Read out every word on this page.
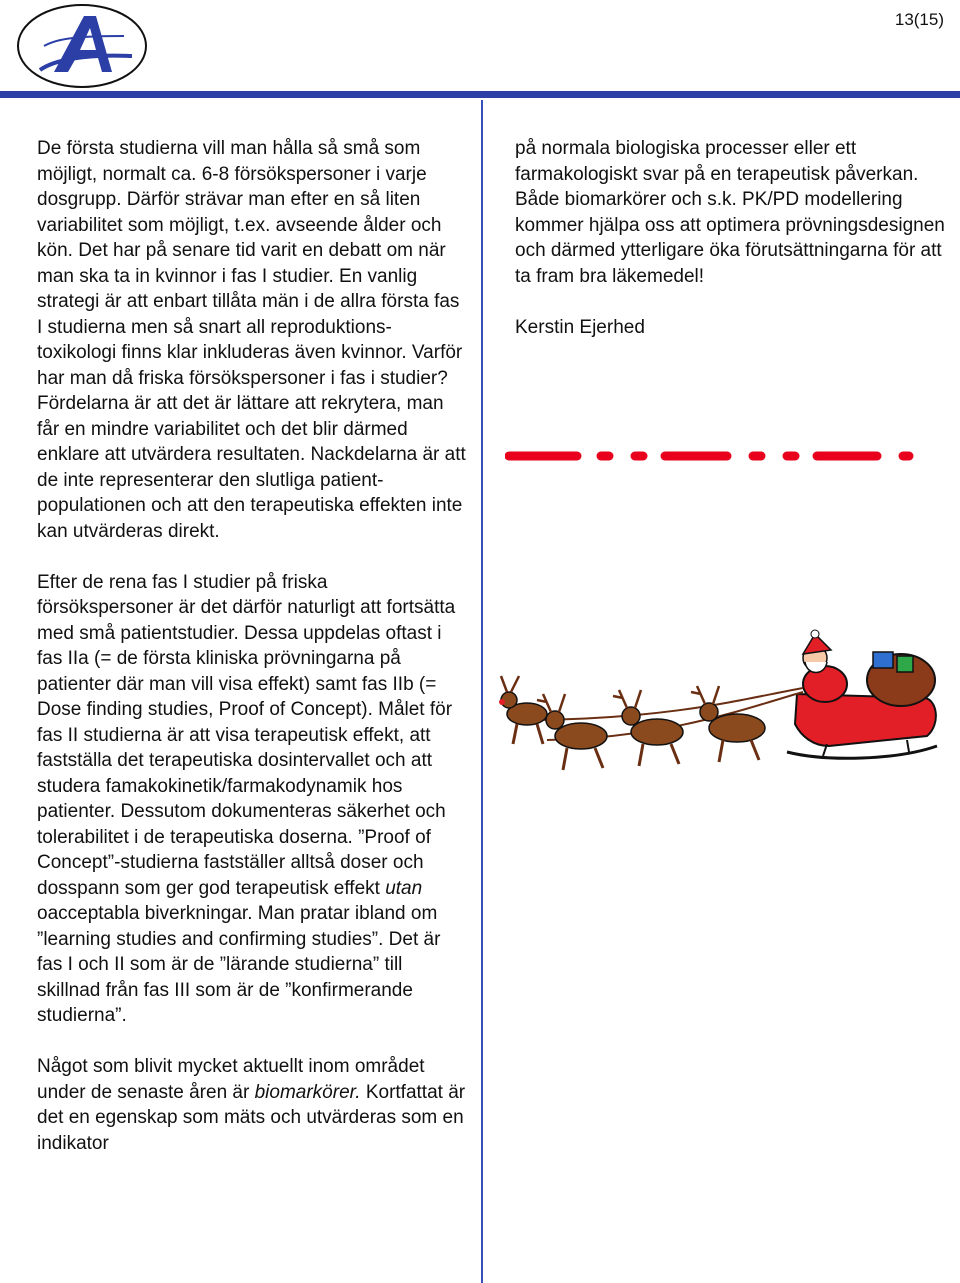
13(15)

De första studierna vill man hålla så små som möjligt, normalt ca. 6-8 försökspersoner i varje dosgrupp. Därför strävar man efter en så liten variabilitet som möjligt, t.ex. avseende ålder och kön. Det har på senare tid varit en debatt om när man ska ta in kvinnor i fas I studier. En vanlig strategi är att enbart tillåta män i de allra första fas I studierna men så snart all reproduktions-toxikologi finns klar inkluderas även kvinnor. Varför har man då friska försökspersoner i fas i studier? Fördelarna är att det är lättare att rekrytera, man får en mindre variabilitet och det blir därmed enklare att utvärdera resultaten. Nackdelarna är att de inte representerar den slutliga patient-populationen och att den terapeutiska effekten inte kan utvärderas direkt.

Efter de rena fas I studier på friska försökspersoner är det därför naturligt att fortsätta med små patientstudier. Dessa uppdelas oftast i fas IIa (= de första kliniska prövningarna på patienter där man vill visa effekt) samt fas IIb (= Dose finding studies, Proof of Concept). Målet för fas II studierna är att visa terapeutisk effekt, att fastställa det terapeutiska dosintervallet och att studera famakokinetik/farmakodynamik hos patienter. Dessutom dokumenteras säkerhet och tolerabilitet i de terapeutiska doserna. ”Proof of Concept”-studierna fastställer alltså doser och dosspann som ger god terapeutisk effekt utan oacceptabla biverkningar. Man pratar ibland om ”learning studies and confirming studies”. Det är fas I och II som är de ”lärande studierna” till skillnad från fas III som är de ”konfirmerande studierna”.

Något som blivit mycket aktuellt inom området under de senaste åren är biomarkörer. Kortfattat är det en egenskap som mäts och utvärderas som en indikator

på normala biologiska processer eller ett farmakologiskt svar på en terapeutisk påverkan. Både biomarkörer och s.k. PK/PD modellering kommer hjälpa oss att optimera prövningsdesignen och därmed ytterligare öka förutsättningarna för att ta fram bra läkemedel!

Kerstin Ejerhed
